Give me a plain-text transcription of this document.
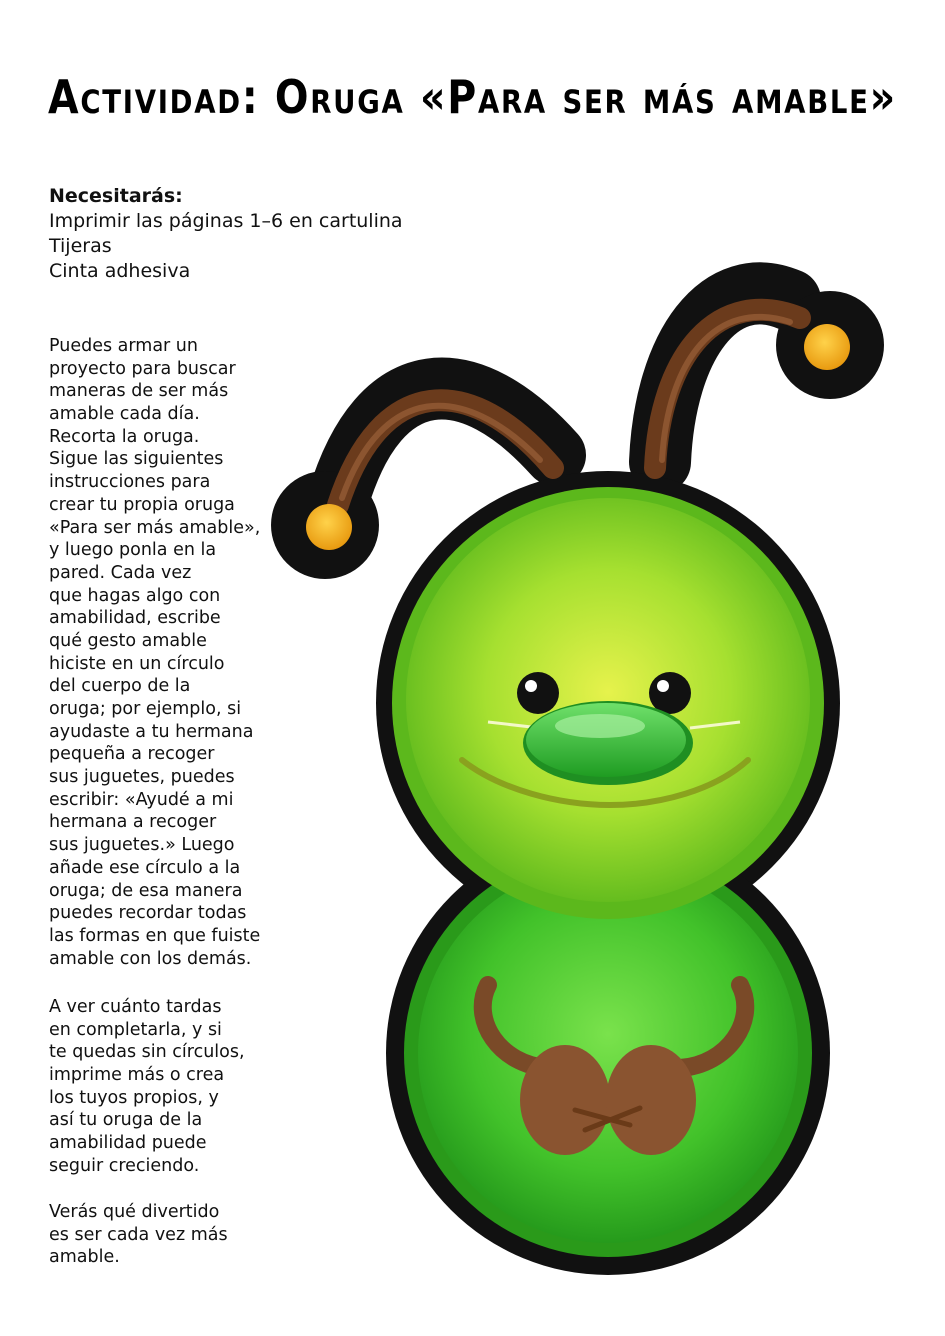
Actividad: Oruga «Para ser más amable»
Necesitarás:
Imprimir las páginas 1–6 en cartulina
Tijeras
Cinta adhesiva
Puedes armar un
proyecto para buscar
maneras de ser más
amable cada día.
Recorta la oruga.
Sigue las siguientes
instrucciones para
crear tu propia oruga
«Para ser más amable»,
y luego ponla en la
pared. Cada vez
que hagas algo con
amabilidad, escribe
qué gesto amable
hiciste en un círculo
del cuerpo de la
oruga; por ejemplo, si
ayudaste a tu hermana
pequeña a recoger
sus juguetes, puedes
escribir: «Ayudé a mi
hermana a recoger
sus juguetes.» Luego
añade ese círculo a la
oruga; de esa manera
puedes recordar todas
las formas en que fuiste
amable con los demás.
A ver cuánto tardas
en completarla, y si
te quedas sin círculos,
imprime más o crea
los tuyos propios, y
así tu oruga de la
amabilidad puede
seguir creciendo.
Verás qué divertido
es ser cada vez más
amable.
